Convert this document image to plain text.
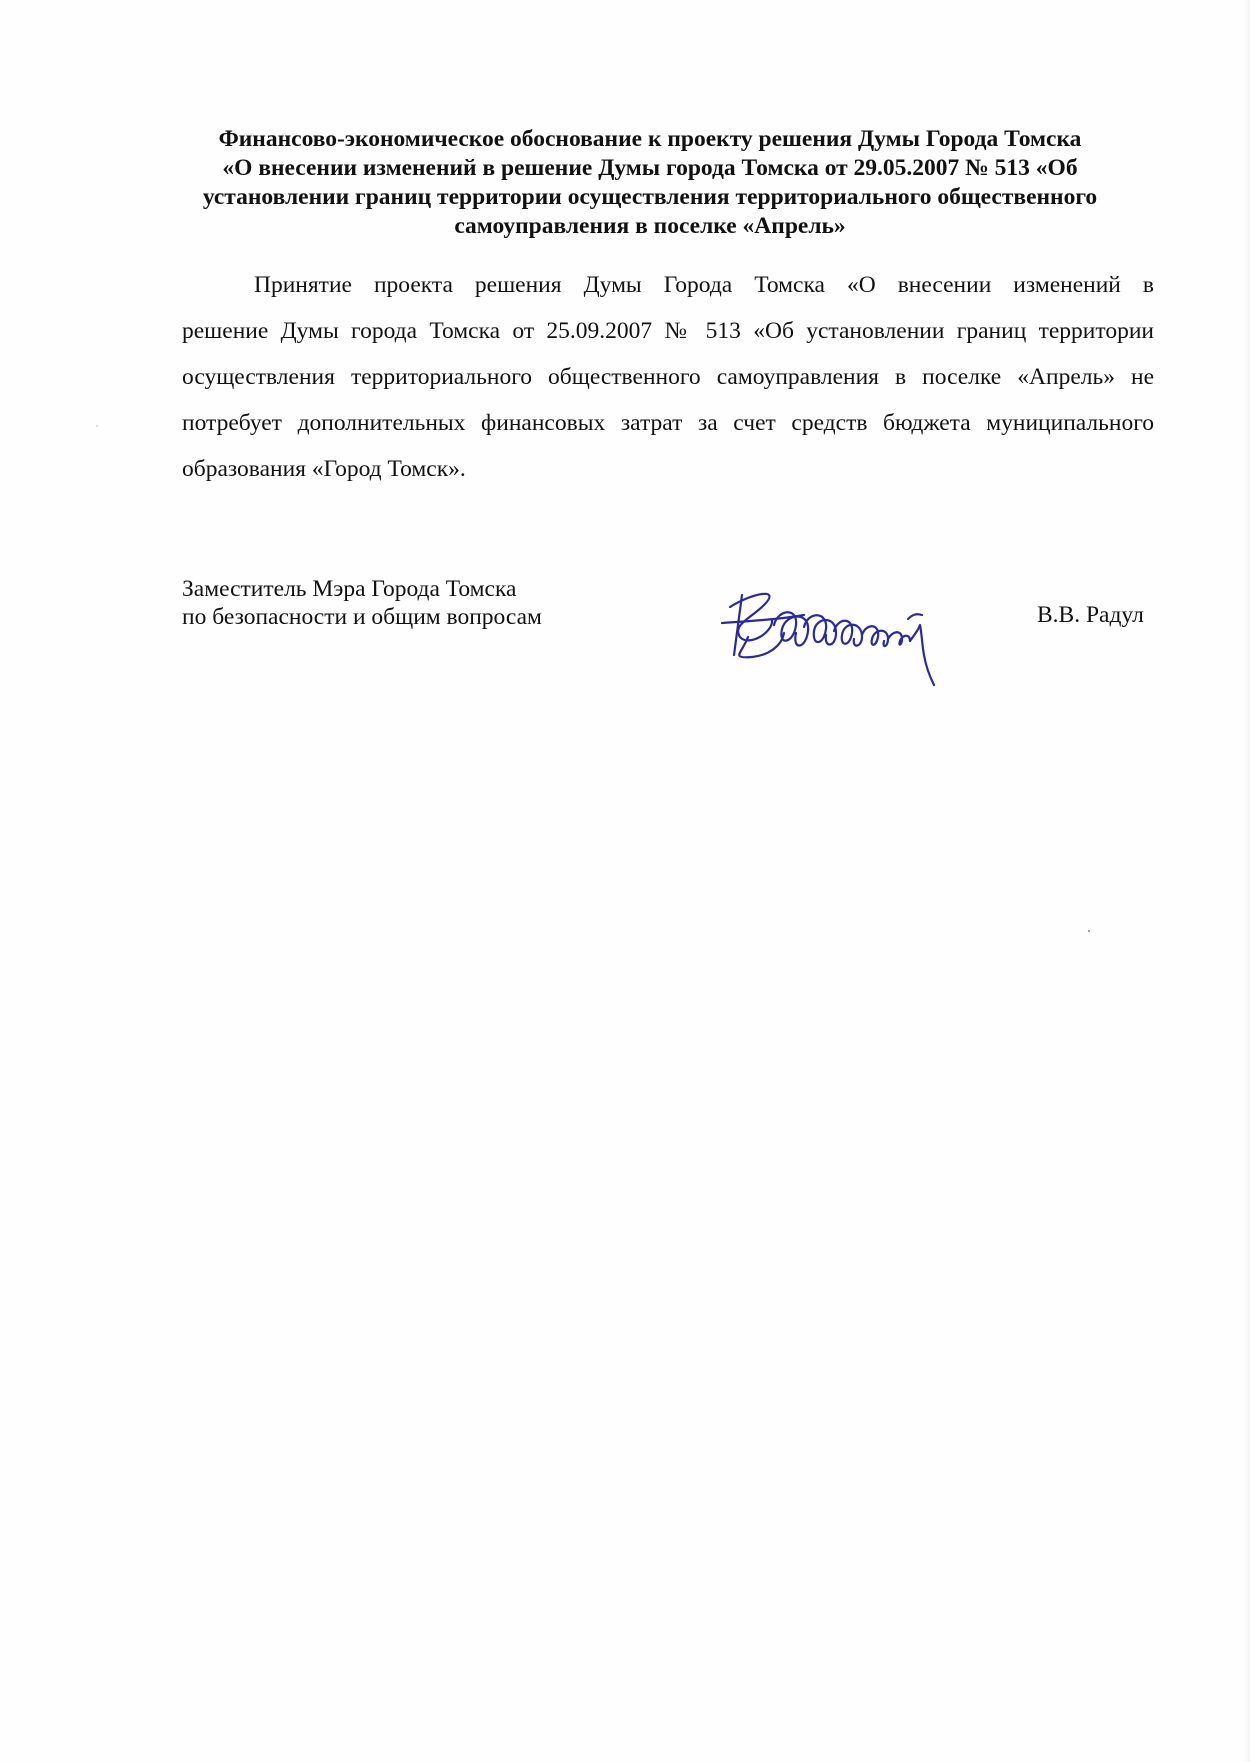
Финансово-экономическое обоснование к проекту решения Думы Города Томска
«О внесении изменений в решение Думы города Томска от 29.05.2007 № 513 «Об
установлении границ территории осуществления территориального общественного
самоуправления в поселке «Апрель»
Принятие проекта решения Думы Города Томска «О внесении изменений в
решение Думы города Томска от 25.09.2007 № 513 «Об установлении границ территории
осуществления территориального общественного самоуправления в поселке «Апрель» не
потребует дополнительных финансовых затрат за счет средств бюджета муниципального
образования «Город Томск».
Заместитель Мэра Города Томска
по безопасности и общим вопросам	В.В. Радул
